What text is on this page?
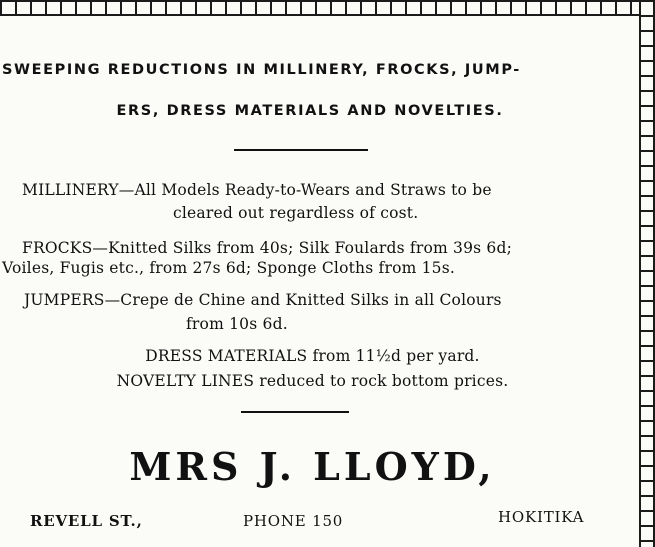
SWEEPING REDUCTIONS IN MILLINERY, FROCKS, JUMP-
ERS, DRESS MATERIALS AND NOVELTIES.
MILLINERY—All Models Ready-to-Wears and Straws to be
cleared out regardless of cost.
FROCKS—Knitted Silks from 40s; Silk Foulards from 39s 6d;
Voiles, Fugis etc., from 27s 6d; Sponge Cloths from 15s.
JUMPERS—Crepe de Chine and Knitted Silks in all Colours
from 10s 6d.
DRESS MATERIALS from 11½d per yard.
NOVELTY LINES reduced to rock bottom prices.
MRS J. LLOYD,
REVELL ST.,	PHONE 150	HOKITIKA
